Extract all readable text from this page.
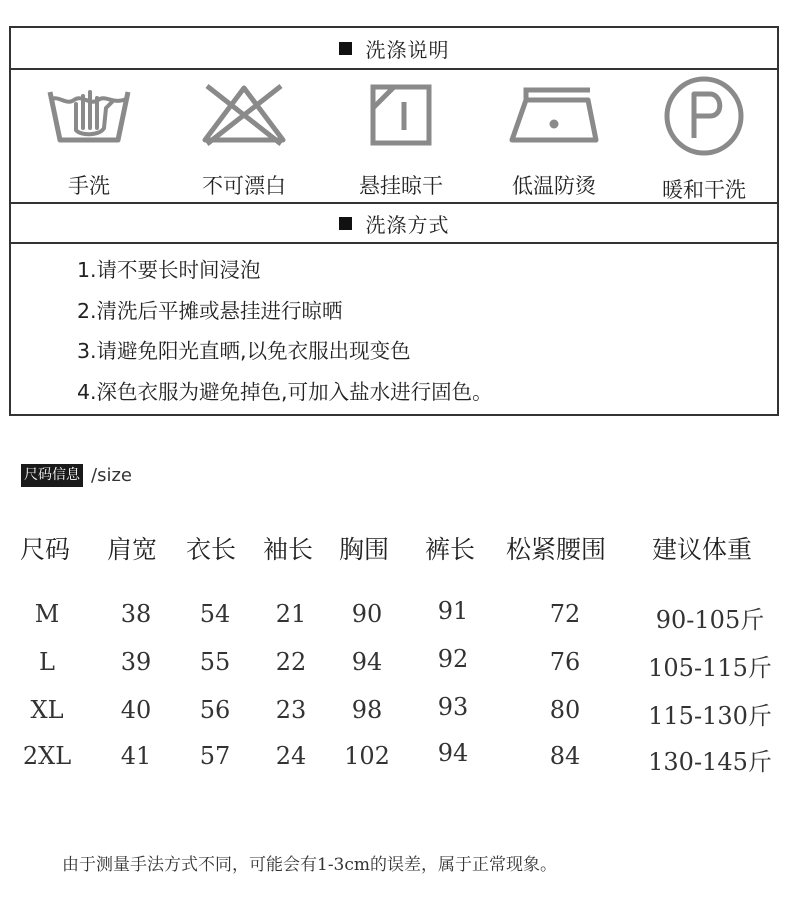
洗涤说明
手洗	不可漂白	悬挂晾干	低温防烫	暖和干洗
洗涤方式
1.请不要长时间浸泡
2.清洗后平摊或悬挂进行晾晒
3.请避免阳光直晒,以免衣服出现变色
4.深色衣服为避免掉色,可加入盐水进行固色。
尺码信息 /size
尺码 肩宽 衣长 袖长 胸围 裤长 松紧腰围 建议体重
M	38 54 21 90 91	72	90-105斤
L	39 55 22 94 92	76	105-115斤
XL 40 56 23 98 93	80	115-130斤
2XL 41 57 24 102 94	84	130-145斤
由于测量手法方式不同，可能会有1-3cm的误差，属于正常现象。
